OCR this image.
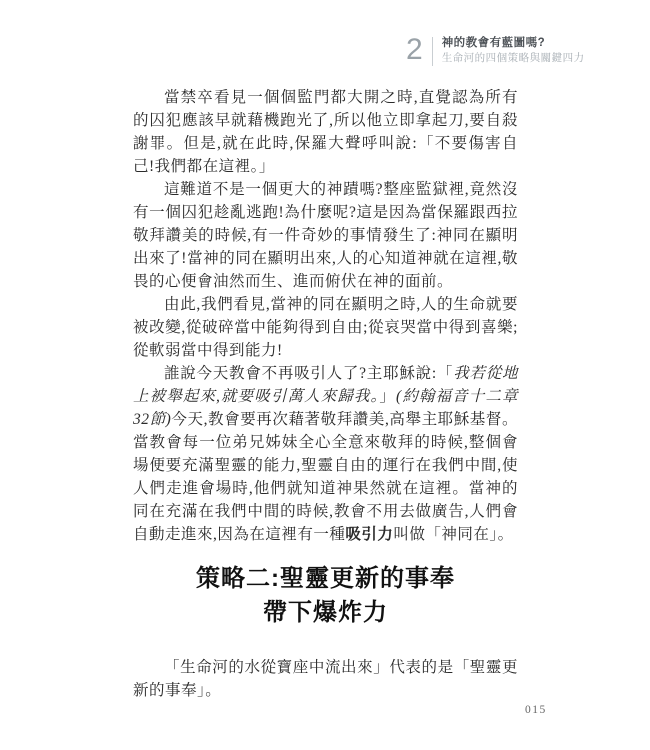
2 神的教會有藍圖嗎?
生命河的四個策略與關鍵四力

當禁卒看見一個個監門都大開之時,直覺認為所有的囚犯應該早就藉機跑光了,所以他立即拿起刀,要自殺謝罪。但是,就在此時,保羅大聲呼叫說:「不要傷害自己!我們都在這裡。」

這難道不是一個更大的神蹟嗎?整座監獄裡,竟然沒有一個囚犯趁亂逃跑!為什麼呢?這是因為當保羅跟西拉敬拜讚美的時候,有一件奇妙的事情發生了:神同在顯明出來了!當神的同在顯明出來,人的心知道神就在這裡,敬畏的心便會油然而生、進而俯伏在神的面前。

由此,我們看見,當神的同在顯明之時,人的生命就要被改變,從破碎當中能夠得到自由;從哀哭當中得到喜樂;從軟弱當中得到能力!

誰說今天教會不再吸引人了?主耶穌說:「我若從地上被舉起來,就要吸引萬人來歸我。」(約翰福音十二章32節)今天,教會要再次藉著敬拜讚美,高舉主耶穌基督。當教會每一位弟兄姊妹全心全意來敬拜的時候,整個會場便要充滿聖靈的能力,聖靈自由的運行在我們中間,使人們走進會場時,他們就知道神果然就在這裡。當神的同在充滿在我們中間的時候,教會不用去做廣告,人們會自動走進來,因為在這裡有一種吸引力叫做「神同在」。

策略二:聖靈更新的事奉
帶下爆炸力

「生命河的水從寶座中流出來」代表的是「聖靈更新的事奉」。

015
